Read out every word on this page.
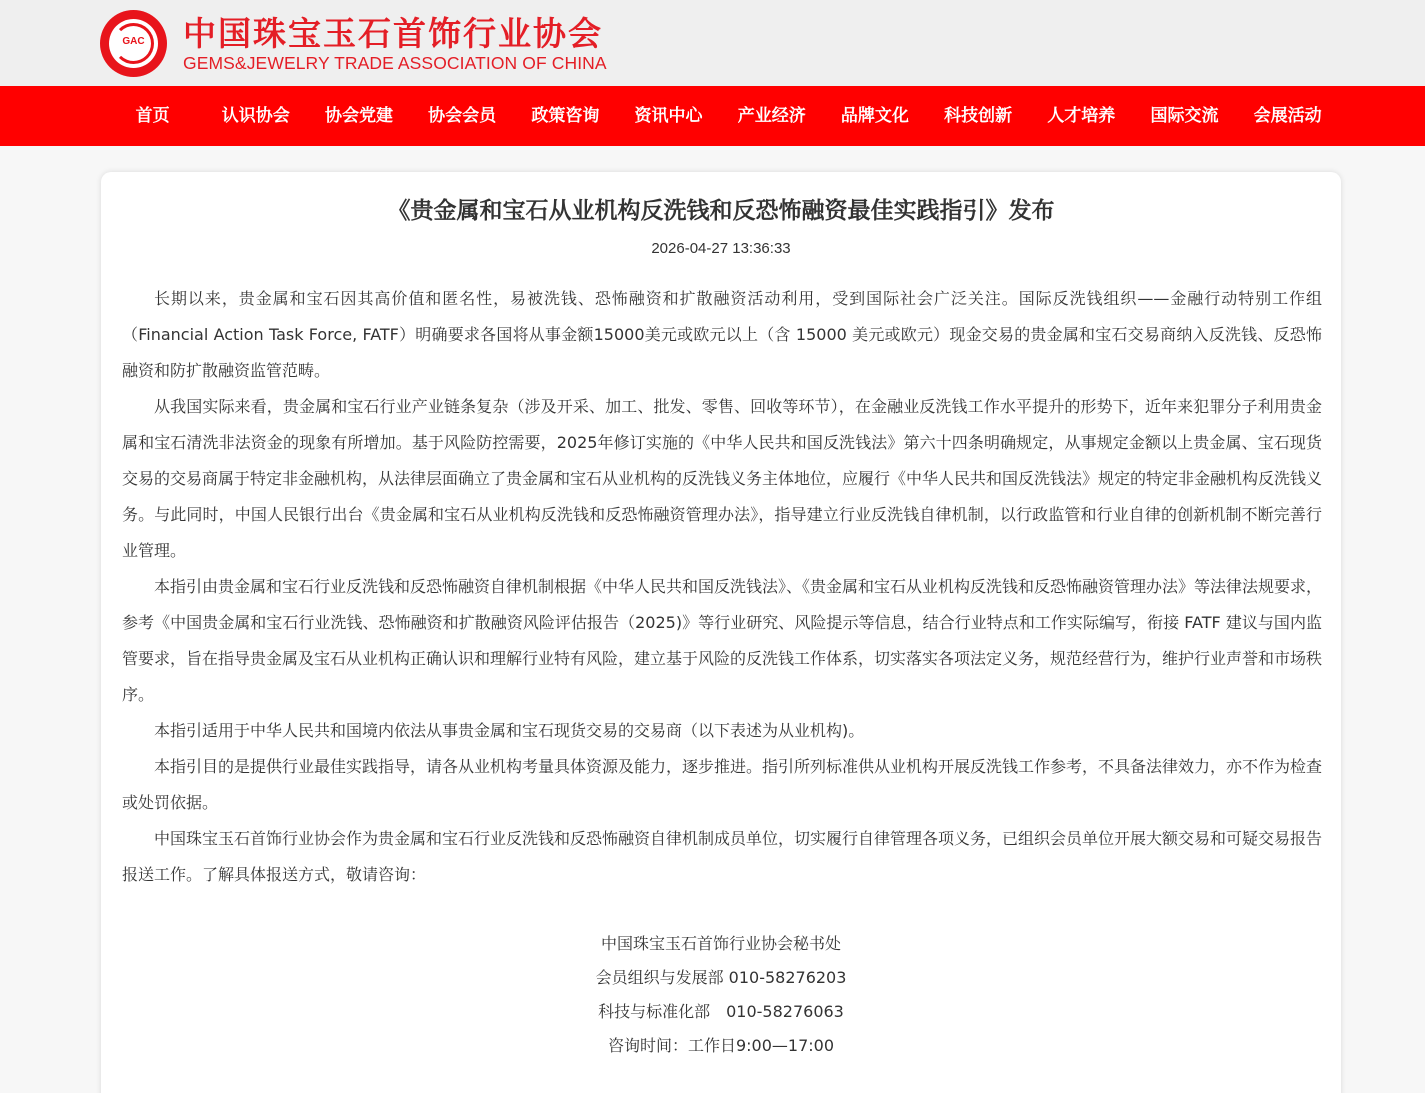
GAC	中国珠宝玉石首饰行业协会
GEMS&JEWELRY TRADE ASSOCIATION OF CHINA
首页	认识协会	协会党建	协会会员	政策咨询	资讯中心	产业经济	品牌文化	科技创新	人才培养	国际交流	会展活动
《贵金属和宝石从业机构反洗钱和反恐怖融资最佳实践指引》发布
2026-04-27 13:36:33

长期以来，贵金属和宝石因其高价值和匿名性，易被洗钱、恐怖融资和扩散融资活动利用，受到国际社会广泛关注。国际反洗钱组织——金融行动特别工作组（Financial Action Task Force, FATF）明确要求各国将从事金额15000美元或欧元以上（含 15000 美元或欧元）现金交易的贵金属和宝石交易商纳入反洗钱、反恐怖融资和防扩散融资监管范畴。

从我国实际来看，贵金属和宝石行业产业链条复杂（涉及开采、加工、批发、零售、回收等环节），在金融业反洗钱工作水平提升的形势下，近年来犯罪分子利用贵金属和宝石清洗非法资金的现象有所增加。基于风险防控需要，2025年修订实施的《中华人民共和国反洗钱法》第六十四条明确规定，从事规定金额以上贵金属、宝石现货交易的交易商属于特定非金融机构，从法律层面确立了贵金属和宝石从业机构的反洗钱义务主体地位，应履行《中华人民共和国反洗钱法》规定的特定非金融机构反洗钱义务。与此同时，中国人民银行出台《贵金属和宝石从业机构反洗钱和反恐怖融资管理办法》，指导建立行业反洗钱自律机制，以行政监管和行业自律的创新机制不断完善行业管理。

本指引由贵金属和宝石行业反洗钱和反恐怖融资自律机制根据《中华人民共和国反洗钱法》、《贵金属和宝石从业机构反洗钱和反恐怖融资管理办法》等法律法规要求，参考《中国贵金属和宝石行业洗钱、恐怖融资和扩散融资风险评估报告（2025)》等行业研究、风险提示等信息，结合行业特点和工作实际编写，衔接 FATF 建议与国内监管要求，旨在指导贵金属及宝石从业机构正确认识和理解行业特有风险，建立基于风险的反洗钱工作体系，切实落实各项法定义务，规范经营行为，维护行业声誉和市场秩序。

本指引适用于中华人民共和国境内依法从事贵金属和宝石现货交易的交易商（以下表述为从业机构)。

本指引目的是提供行业最佳实践指导，请各从业机构考量具体资源及能力，逐步推进。指引所列标准供从业机构开展反洗钱工作参考，不具备法律效力，亦不作为检查或处罚依据。

中国珠宝玉石首饰行业协会作为贵金属和宝石行业反洗钱和反恐怖融资自律机制成员单位，切实履行自律管理各项义务，已组织会员单位开展大额交易和可疑交易报告报送工作。了解具体报送方式，敬请咨询：

中国珠宝玉石首饰行业协会秘书处
会员组织与发展部 010-58276203
科技与标准化部　010-58276063
咨询时间：工作日9:00—17:00
